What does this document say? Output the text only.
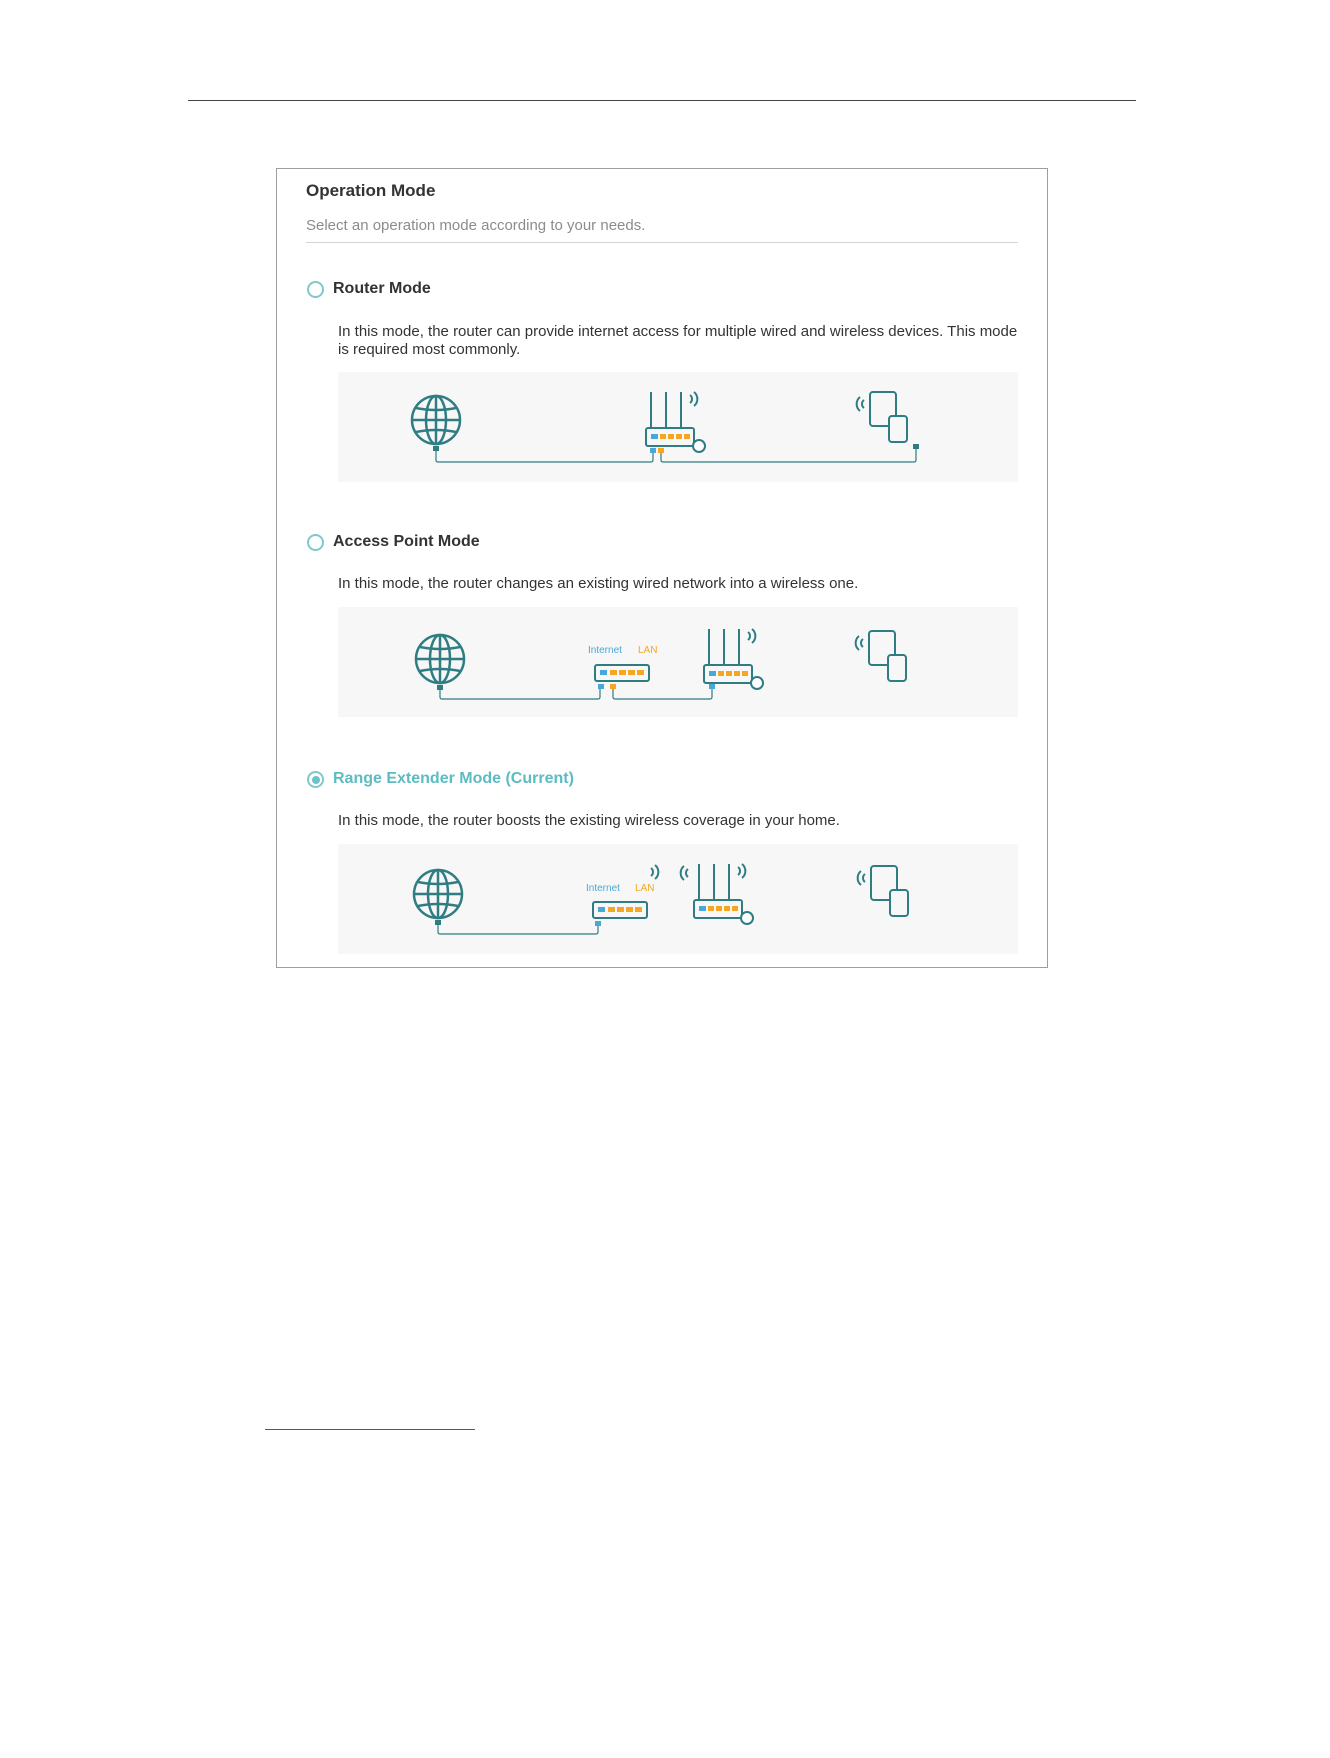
Operation Mode
Select an operation mode according to your needs.
Router Mode

In this mode, the router can provide internet access for multiple wired and wireless devices. This mode is required most commonly.

Access Point Mode

In this mode, the router changes an existing wired network into a wireless one.

Internet LAN
Range Extender Mode (Current)

In this mode, the router boosts the existing wireless coverage in your home.

Internet LAN
